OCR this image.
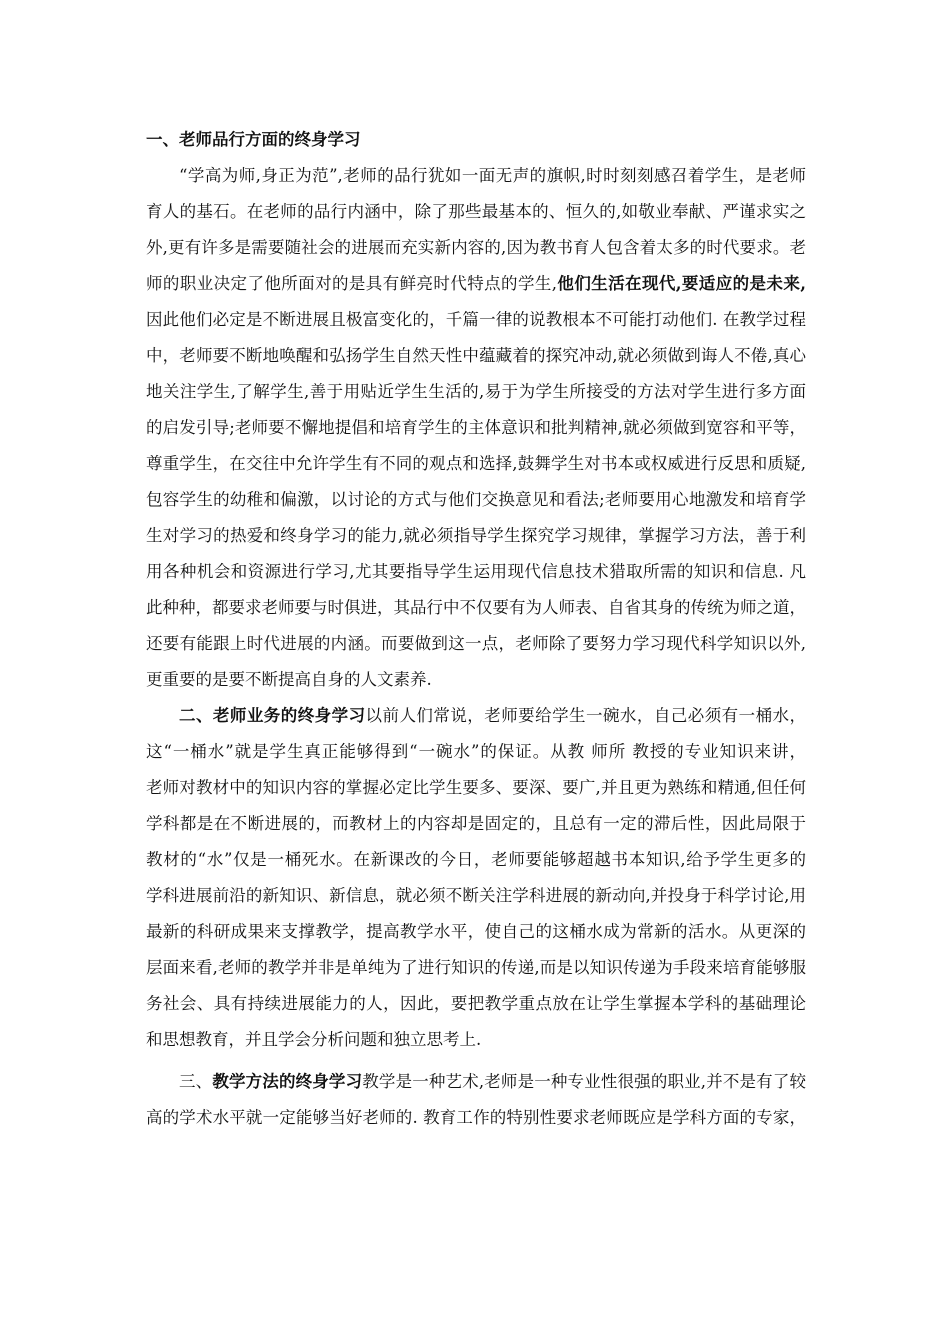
一、老师品行方面的终身学习
“学高为师,身正为范”,老师的品行犹如一面无声的旗帜,时时刻刻感召着学生，是老师
育人的基石。在老师的品行内涵中，除了那些最基本的、恒久的,如敬业奉献、严谨求实之
外,更有许多是需要随社会的进展而充实新内容的,因为教书育人包含着太多的时代要求。老
师的职业决定了他所面对的是具有鲜亮时代特点的学生,他们生活在现代,要适应的是未来,
因此他们必定是不断进展且极富变化的，千篇一律的说教根本不可能打动他们. 在教学过程
中，老师要不断地唤醒和弘扬学生自然天性中蕴藏着的探究冲动,就必须做到诲人不倦,真心
地关注学生,了解学生,善于用贴近学生生活的,易于为学生所接受的方法对学生进行多方面
的启发引导;老师要不懈地提倡和培育学生的主体意识和批判精神,就必须做到宽容和平等，
尊重学生，在交往中允许学生有不同的观点和选择,鼓舞学生对书本或权威进行反思和质疑,
包容学生的幼稚和偏激，以讨论的方式与他们交换意见和看法;老师要用心地激发和培育学
生对学习的热爱和终身学习的能力,就必须指导学生探究学习规律，掌握学习方法，善于利
用各种机会和资源进行学习,尤其要指导学生运用现代信息技术猎取所需的知识和信息. 凡
此种种，都要求老师要与时俱进，其品行中不仅要有为人师表、自省其身的传统为师之道，
还要有能跟上时代进展的内涵。而要做到这一点，老师除了要努力学习现代科学知识以外,
更重要的是要不断提高自身的人文素养.
二、老师业务的终身学习以前人们常说，老师要给学生一碗水，自己必须有一桶水，
这“一桶水”就是学生真正能够得到“一碗水”的保证。从教 师所 教授的专业知识来讲，
老师对教材中的知识内容的掌握必定比学生要多、要深、要广,并且更为熟练和精通,但任何
学科都是在不断进展的，而教材上的内容却是固定的，且总有一定的滞后性，因此局限于
教材的“水”仅是一桶死水。在新课改的今日，老师要能够超越书本知识,给予学生更多的
学科进展前沿的新知识、新信息，就必须不断关注学科进展的新动向,并投身于科学讨论,用
最新的科研成果来支撑教学，提高教学水平，使自己的这桶水成为常新的活水。从更深的
层面来看,老师的教学并非是单纯为了进行知识的传递,而是以知识传递为手段来培育能够服
务社会、具有持续进展能力的人，因此，要把教学重点放在让学生掌握本学科的基础理论
和思想教育，并且学会分析问题和独立思考上.
三、教学方法的终身学习教学是一种艺术,老师是一种专业性很强的职业,并不是有了较
高的学术水平就一定能够当好老师的. 教育工作的特别性要求老师既应是学科方面的专家，
